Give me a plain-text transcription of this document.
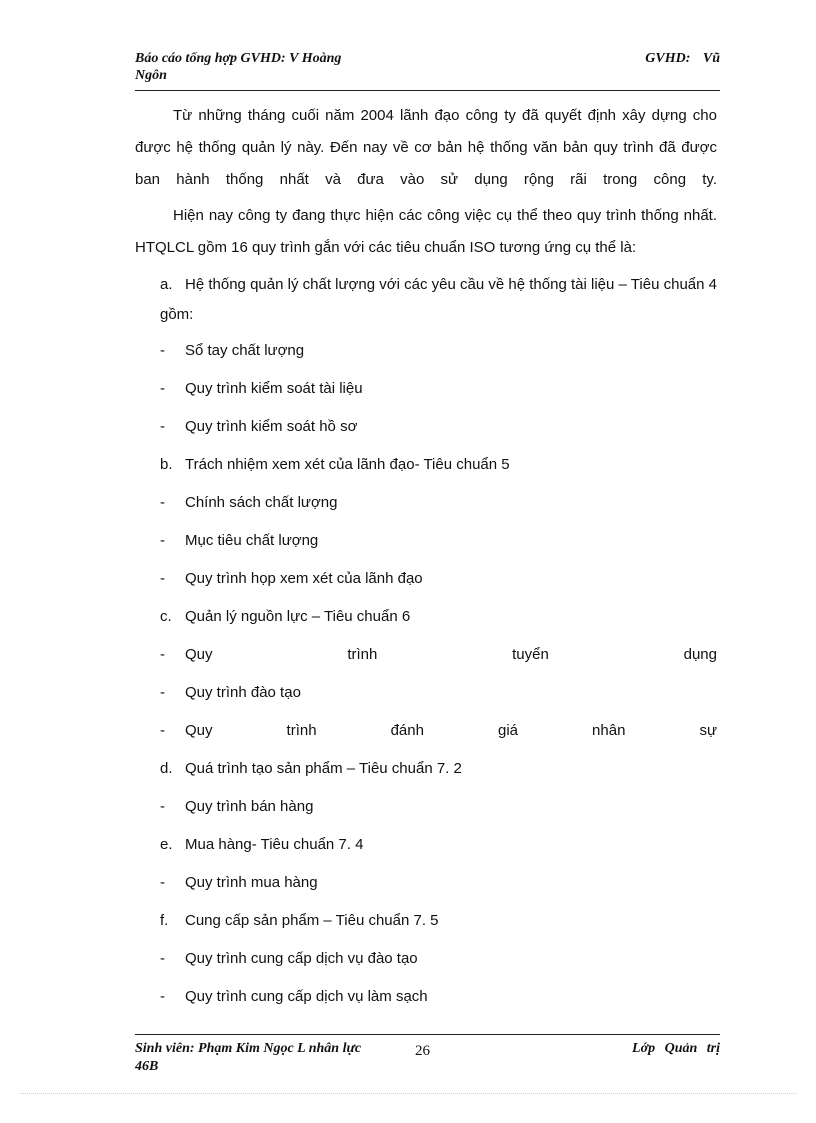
Báo cáo tổng hợp GVHD: V Hoàng Ngôn
GVHD: Vũ

Từ những tháng cuối năm 2004 lãnh đạo công ty đã quyết định xây dựng cho được hệ thống quản lý này. Đến nay về cơ bản hệ thống văn bản quy trình đã được ban hành thống nhất và đưa vào sử dụng rộng rãi trong công ty.

Hiện nay công ty đang thực hiện các công việc cụ thể theo quy trình thống nhất. HTQLCL gồm 16 quy trình gắn với các tiêu chuẩn ISO tương ứng cụ thể là:

a. Hệ thống quản lý chất lượng với các yêu cầu về hệ thống tài liệu – Tiêu chuẩn 4 gồm:
- Sổ tay chất lượng
- Quy trình kiểm soát tài liệu
- Quy trình kiểm soát hồ sơ
b. Trách nhiệm xem xét của lãnh đạo- Tiêu chuẩn 5
- Chính sách chất lượng
- Mục tiêu chất lượng
- Quy trình họp xem xét của lãnh đạo
c. Quản lý nguồn lực – Tiêu chuẩn 6
- Quy trình tuyển dụng
- Quy trình đào tạo
- Quy trình đánh giá nhân sự
d. Quá trình tạo sản phẩm – Tiêu chuẩn 7. 2
- Quy trình bán hàng
e. Mua hàng- Tiêu chuẩn 7. 4
- Quy trình mua hàng
f. Cung cấp sản phẩm – Tiêu chuẩn 7. 5
- Quy trình cung cấp dịch vụ đào tạo
- Quy trình cung cấp dịch vụ làm sạch
Sinh viên: Phạm Kim Ngọc L nhân lực 46B
26	Lớp Quản trị
